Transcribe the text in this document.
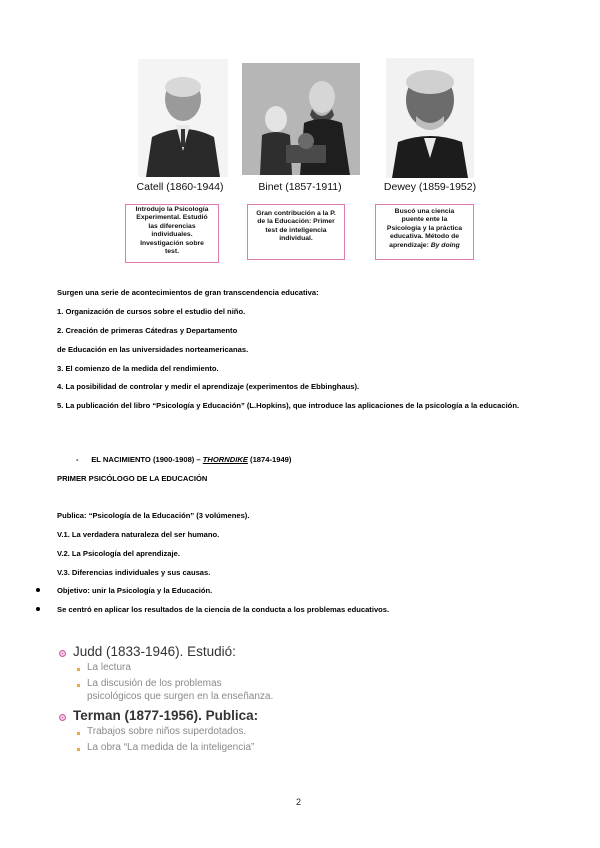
Catell (1860-1944)	Binet (1857-1911)	Dewey (1859-1952)
Introdujo la Psicología
Experimental. Estudió
las diferencias
individuales.
Investigación sobre
test.
Gran contribución a la P.
de la Educación: Primer
test de inteligencia
individual.
Buscó una ciencia
puente ente la
Psicología y la práctica
educativa. Método de
aprendizaje: By doing
Surgen una serie de acontecimientos de gran transcendencia educativa:
1. Organización de cursos sobre el estudio del niño.
2. Creación de primeras Cátedras y Departamento
de Educación en las universidades norteamericanas.
3. El comienzo de la medida del rendimiento.
4. La posibilidad de controlar y medir el aprendizaje (experimentos de Ebbinghaus).
5. La publicación del libro “Psicología y Educación” (L.Hopkins), que introduce las aplicaciones de la psicología a la educación.
- EL NACIMIENTO (1900-1908) – THORNDIKE (1874-1949)
PRIMER PSICÓLOGO DE LA EDUCACIÓN
Publica: “Psicología de la Educación” (3 volúmenes).
V.1. La verdadera naturaleza del ser humano.
V.2. La Psicología del aprendizaje.
V.3. Diferencias individuales y sus causas.
Objetivo: unir la Psicología y la Educación.
Se centró en aplicar los resultados de la ciencia de la conducta a los problemas educativos.
Judd (1833-1946). Estudió:
La lectura
La discusión de los problemas
psicológicos que surgen en la enseñanza.
Terman (1877-1956). Publica:
Trabajos sobre niños superdotados.
La obra “La medida de la inteligencia”
2
